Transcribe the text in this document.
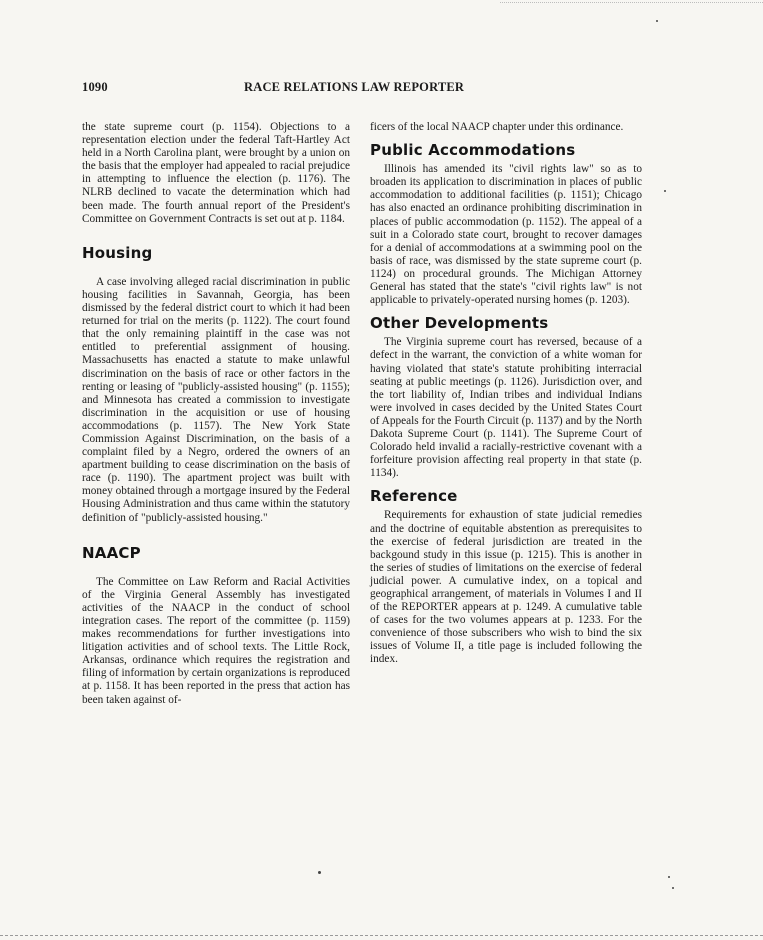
1090	RACE RELATIONS LAW REPORTER

the state supreme court (p. 1154). Objections to a representation election under the federal Taft-Hartley Act held in a North Carolina plant, were brought by a union on the basis that the employer had appealed to racial prejudice in attempting to influence the election (p. 1176). The NLRB declined to vacate the determination which had been made. The fourth annual report of the President's Committee on Government Contracts is set out at p. 1184.

Housing

A case involving alleged racial discrimination in public housing facilities in Savannah, Georgia, has been dismissed by the federal district court to which it had been returned for trial on the merits (p. 1122). The court found that the only remaining plaintiff in the case was not entitled to preferential assignment of housing. Massachusetts has enacted a statute to make unlawful discrimination on the basis of race or other factors in the renting or leasing of "publicly-assisted housing" (p. 1155); and Minnesota has created a commission to investigate discrimination in the acquisition or use of housing accommodations (p. 1157). The New York State Commission Against Discrimination, on the basis of a complaint filed by a Negro, ordered the owners of an apartment building to cease discrimination on the basis of race (p. 1190). The apartment project was built with money obtained through a mortgage insured by the Federal Housing Administration and thus came within the statutory definition of "publicly-assisted housing."

NAACP

The Committee on Law Reform and Racial Activities of the Virginia General Assembly has investigated activities of the NAACP in the conduct of school integration cases. The report of the committee (p. 1159) makes recommendations for further investigations into litigation activities and of school texts. The Little Rock, Arkansas, ordinance which requires the registration and filing of information by certain organizations is reproduced at p. 1158. It has been reported in the press that action has been taken against of-

ficers of the local NAACP chapter under this ordinance.

Public Accommodations

Illinois has amended its "civil rights law" so as to broaden its application to discrimination in places of public accommodation to additional facilities (p. 1151); Chicago has also enacted an ordinance prohibiting discrimination in places of public accommodation (p. 1152). The appeal of a suit in a Colorado state court, brought to recover damages for a denial of accommodations at a swimming pool on the basis of race, was dismissed by the state supreme court (p. 1124) on procedural grounds. The Michigan Attorney General has stated that the state's "civil rights law" is not applicable to privately-operated nursing homes (p. 1203).

Other Developments

The Virginia supreme court has reversed, because of a defect in the warrant, the conviction of a white woman for having violated that state's statute prohibiting interracial seating at public meetings (p. 1126). Jurisdiction over, and the tort liability of, Indian tribes and individual Indians were involved in cases decided by the United States Court of Appeals for the Fourth Circuit (p. 1137) and by the North Dakota Supreme Court (p. 1141). The Supreme Court of Colorado held invalid a racially-restrictive covenant with a forfeiture provision affecting real property in that state (p. 1134).

Reference

Requirements for exhaustion of state judicial remedies and the doctrine of equitable abstention as prerequisites to the exercise of federal jurisdiction are treated in the backgound study in this issue (p. 1215). This is another in the series of studies of limitations on the exercise of federal judicial power. A cumulative index, on a topical and geographical arrangement, of materials in Volumes I and II of the REPORTER appears at p. 1249. A cumulative table of cases for the two volumes appears at p. 1233. For the convenience of those subscribers who wish to bind the six issues of Volume II, a title page is included following the index.
